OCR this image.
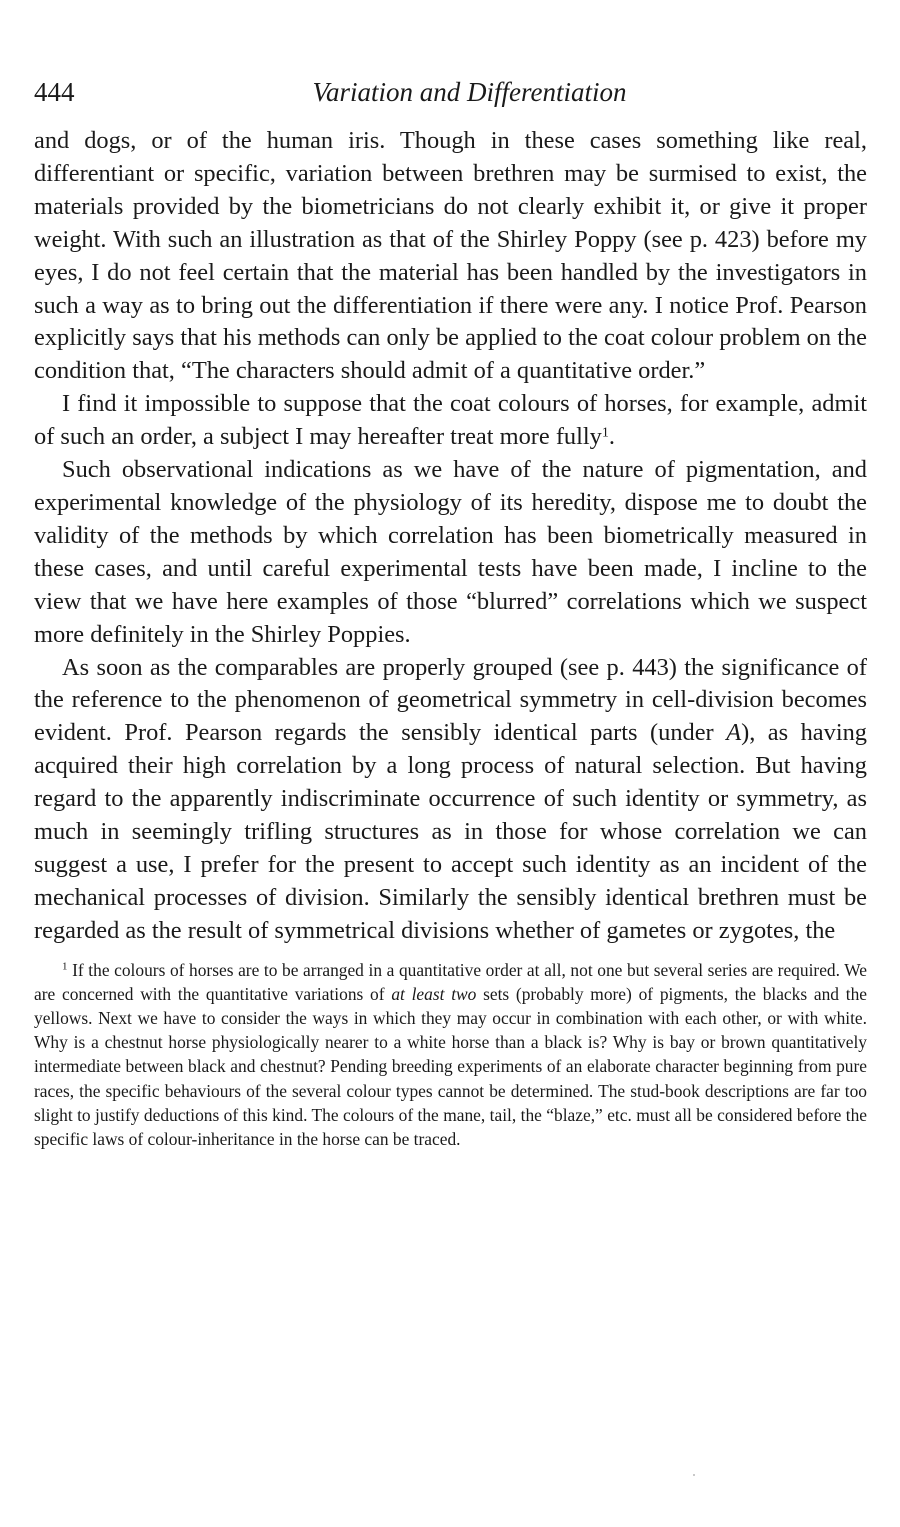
444	Variation and Differentiation

and dogs, or of the human iris. Though in these cases something like real, differentiant or specific, variation between brethren may be surmised to exist, the materials provided by the biometricians do not clearly exhibit it, or give it proper weight. With such an illustration as that of the Shirley Poppy (see p. 423) before my eyes, I do not feel certain that the material has been handled by the investigators in such a way as to bring out the differentiation if there were any. I notice Prof. Pearson explicitly says that his methods can only be applied to the coat colour problem on the condition that, “The characters should admit of a quantitative order.”

I find it impossible to suppose that the coat colours of horses, for example, admit of such an order, a subject I may hereafter treat more fully$^1$.

Such observational indications as we have of the nature of pigmentation, and experimental knowledge of the physiology of its heredity, dispose me to doubt the validity of the methods by which correlation has been biometrically measured in these cases, and until careful experimental tests have been made, I incline to the view that we have here examples of those “blurred” correlations which we suspect more definitely in the Shirley Poppies.

As soon as the comparables are properly grouped (see p. 443) the significance of the reference to the phenomenon of geometrical symmetry in cell-division becomes evident. Prof. Pearson regards the sensibly identical parts (under A), as having acquired their high correlation by a long process of natural selection. But having regard to the apparently indiscriminate occurrence of such identity or symmetry, as much in seemingly trifling structures as in those for whose correlation we can suggest a use, I prefer for the present to accept such identity as an incident of the mechanical processes of division. Similarly the sensibly identical brethren must be regarded as the result of symmetrical divisions whether of gametes or zygotes, the

$^1$ If the colours of horses are to be arranged in a quantitative order at all, not one but several series are required. We are concerned with the quantitative variations of at least two sets (probably more) of pigments, the blacks and the yellows. Next we have to consider the ways in which they may occur in combination with each other, or with white. Why is a chestnut horse physiologically nearer to a white horse than a black is? Why is bay or brown quantitatively intermediate between black and chestnut? Pending breeding experiments of an elaborate character beginning from pure races, the specific behaviours of the several colour types cannot be determined. The stud-book descriptions are far too slight to justify deductions of this kind. The colours of the mane, tail, the “blaze,” etc. must all be considered before the specific laws of colour-inheritance in the horse can be traced.
